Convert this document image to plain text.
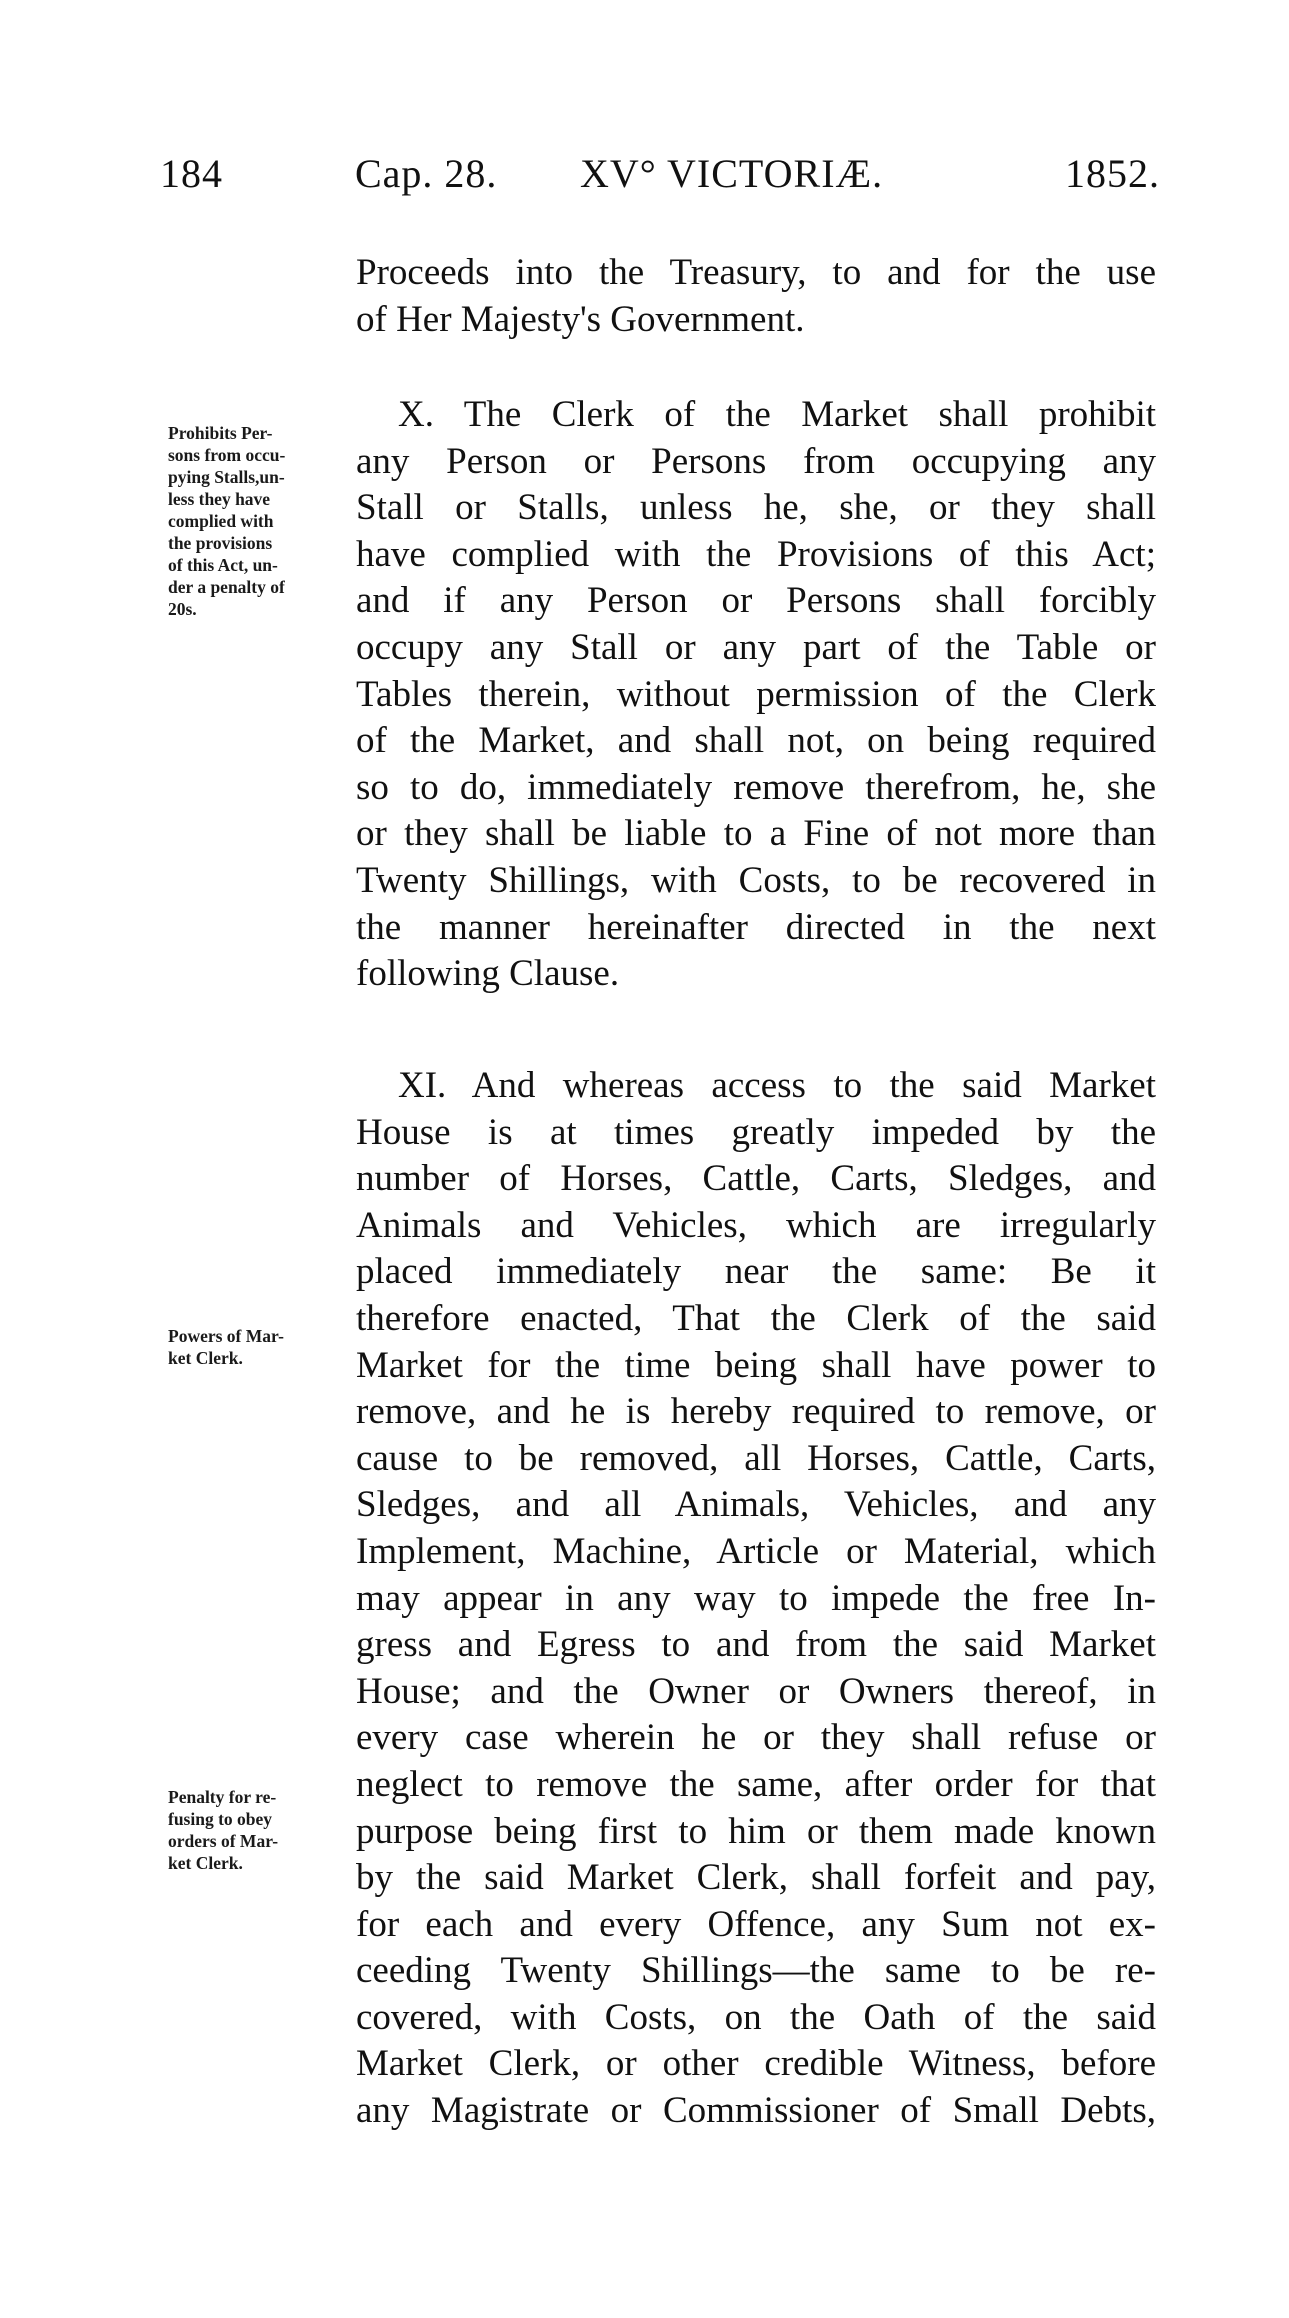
184	Cap. 28. XV° VICTORIÆ.	1852.
Proceeds into the Treasury, to and for the use
of Her Majesty's Government.
X. The Clerk of the Market shall prohibit
any Person or Persons from occupying any
Stall or Stalls, unless he, she, or they shall
have complied with the Provisions of this Act;
and if any Person or Persons shall forcibly
occupy any Stall or any part of the Table or
Tables therein, without permission of the Clerk
of the Market, and shall not, on being required
so to do, immediately remove therefrom, he, she
or they shall be liable to a Fine of not more than
Twenty Shillings, with Costs, to be recovered in
the manner hereinafter directed in the next
following Clause.
XI. And whereas access to the said Market
House is at times greatly impeded by the
number of Horses, Cattle, Carts, Sledges, and
Animals and Vehicles, which are irregularly
placed immediately near the same: Be it
therefore enacted, That the Clerk of the said
Market for the time being shall have power to
remove, and he is hereby required to remove, or
cause to be removed, all Horses, Cattle, Carts,
Sledges, and all Animals, Vehicles, and any
Implement, Machine, Article or Material, which
may appear in any way to impede the free In-
gress and Egress to and from the said Market
House; and the Owner or Owners thereof, in
every case wherein he or they shall refuse or
neglect to remove the same, after order for that
purpose being first to him or them made known
by the said Market Clerk, shall forfeit and pay,
for each and every Offence, any Sum not ex-
ceeding Twenty Shillings—the same to be re-
covered, with Costs, on the Oath of the said
Market Clerk, or other credible Witness, before
any Magistrate or Commissioner of Small Debts,
Prohibits Per-
sons from occu-
pying Stalls,un-
less they have
complied with
the provisions
of this Act, un-
der a penalty of
20s.
Powers of Mar-
ket Clerk.
Penalty for re-
fusing to obey
orders of Mar-
ket Clerk.
